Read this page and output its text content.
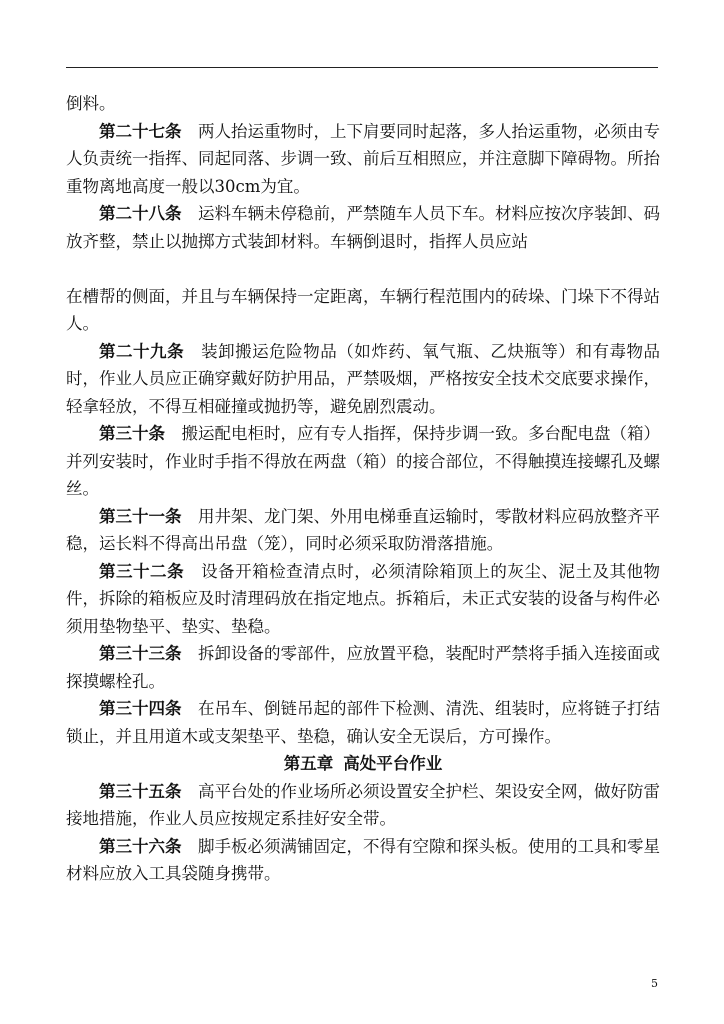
倒料。

第二十七条 两人抬运重物时，上下肩要同时起落，多人抬运重物，必须由专人负责统一指挥、同起同落、步调一致、前后互相照应，并注意脚下障碍物。所抬重物离地高度一般以30cm为宜。

第二十八条 运料车辆未停稳前，严禁随车人员下车。材料应按次序装卸、码放齐整，禁止以抛掷方式装卸材料。车辆倒退时，指挥人员应站

在槽帮的侧面，并且与车辆保持一定距离，车辆行程范围内的砖垛、门垛下不得站人。

第二十九条 装卸搬运危险物品（如炸药、氧气瓶、乙炔瓶等）和有毒物品时，作业人员应正确穿戴好防护用品，严禁吸烟，严格按安全技术交底要求操作，轻拿轻放，不得互相碰撞或抛扔等，避免剧烈震动。

第三十条 搬运配电柜时，应有专人指挥，保持步调一致。多台配电盘（箱）并列安装时，作业时手指不得放在两盘（箱）的接合部位，不得触摸连接螺孔及螺丝。

第三十一条 用井架、龙门架、外用电梯垂直运输时，零散材料应码放整齐平稳，运长料不得高出吊盘（笼），同时必须采取防滑落措施。

第三十二条 设备开箱检查清点时，必须清除箱顶上的灰尘、泥土及其他物件，拆除的箱板应及时清理码放在指定地点。拆箱后，未正式安装的设备与构件必须用垫物垫平、垫实、垫稳。

第三十三条 拆卸设备的零部件，应放置平稳，装配时严禁将手插入连接面或探摸螺栓孔。

第三十四条 在吊车、倒链吊起的部件下检测、清洗、组装时，应将链子打结锁止，并且用道木或支架垫平、垫稳，确认安全无误后，方可操作。

第五章 高处平台作业

第三十五条 高平台处的作业场所必须设置安全护栏、架设安全网，做好防雷接地措施，作业人员应按规定系挂好安全带。

第三十六条 脚手板必须满铺固定，不得有空隙和探头板。使用的工具和零星材料应放入工具袋随身携带。

5
